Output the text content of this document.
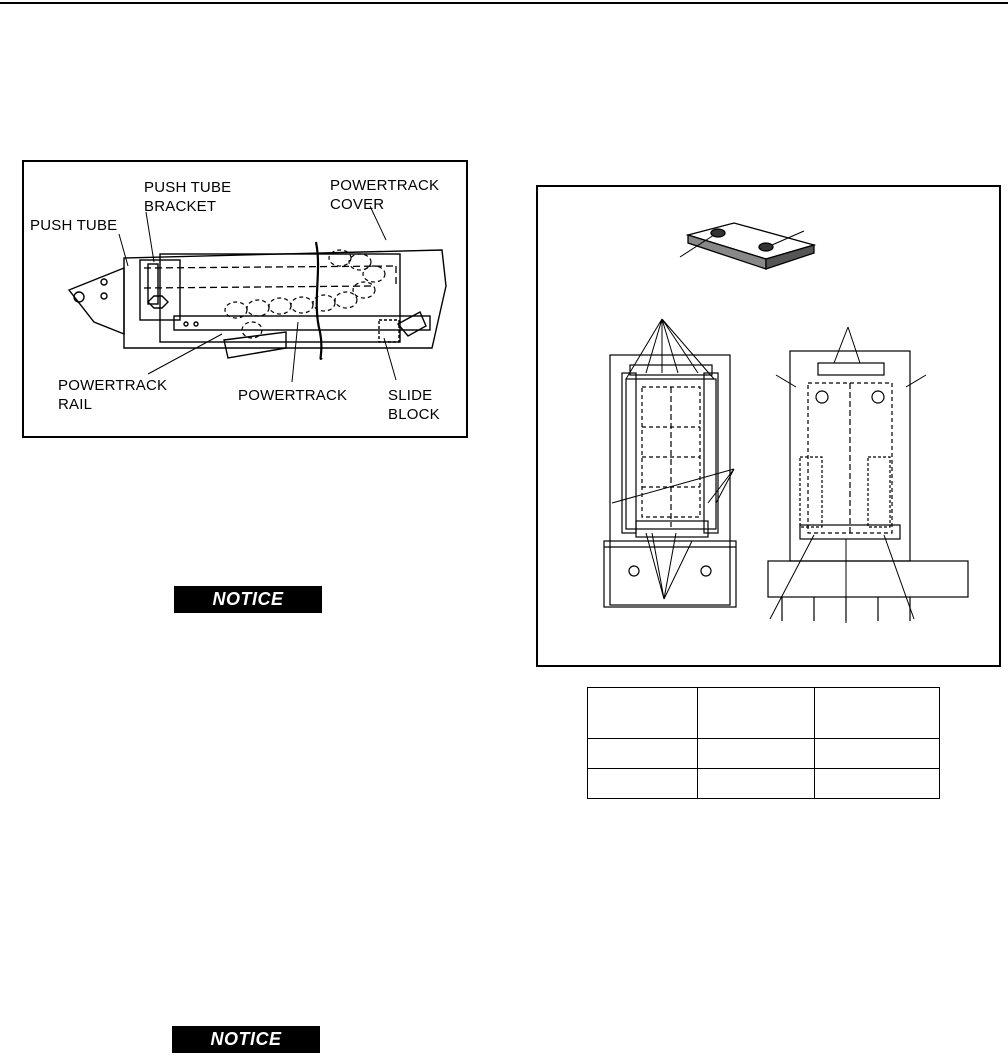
PUSH TUBE
PUSH TUBE
BRACKET
POWERTRACK
COVER
POWERTRACK
RAIL
POWERTRACK	SLIDE
BLOCK
NOTICE
NOTICE
